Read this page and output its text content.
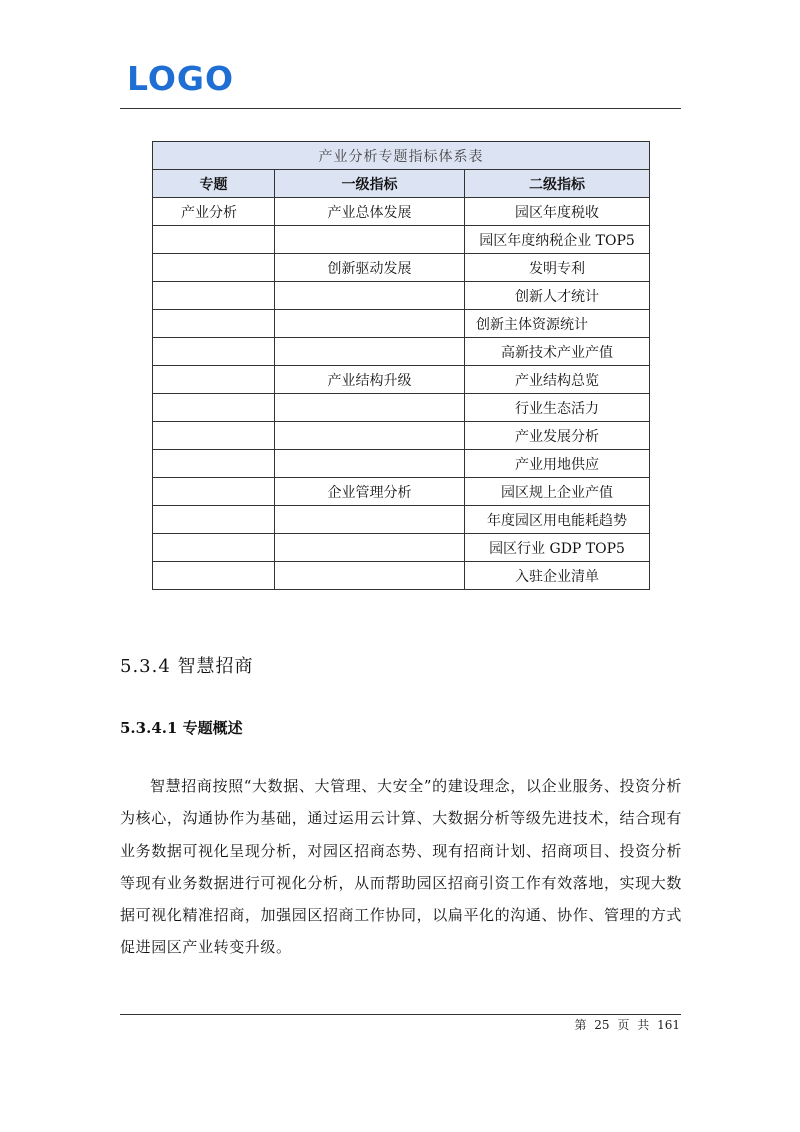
LOGO
产业分析专题指标体系表		
专题	一级指标	二级指标
产业分析	产业总体发展	园区年度税收
		园区年度纳税企业 TOP5
	创新驱动发展	发明专利
		创新人才统计
		创新主体资源统计
		高新技术产业产值
	产业结构升级	产业结构总览
		行业生态活力
		产业发展分析
		产业用地供应
	企业管理分析	园区规上企业产值
		年度园区用电能耗趋势
		园区行业 GDP TOP5
		入驻企业清单
5.3.4 智慧招商
5.3.4.1 专题概述

智慧招商按照“大数据、大管理、大安全”的建设理念，以企业服务、投资分析为核心，沟通协作为基础，通过运用云计算、大数据分析等级先进技术，结合现有业务数据可视化呈现分析，对园区招商态势、现有招商计划、招商项目、投资分析等现有业务数据进行可视化分析，从而帮助园区招商引资工作有效落地，实现大数据可视化精准招商，加强园区招商工作协同，以扁平化的沟通、协作、管理的方式促进园区产业转变升级。

第 25 页 共 161
